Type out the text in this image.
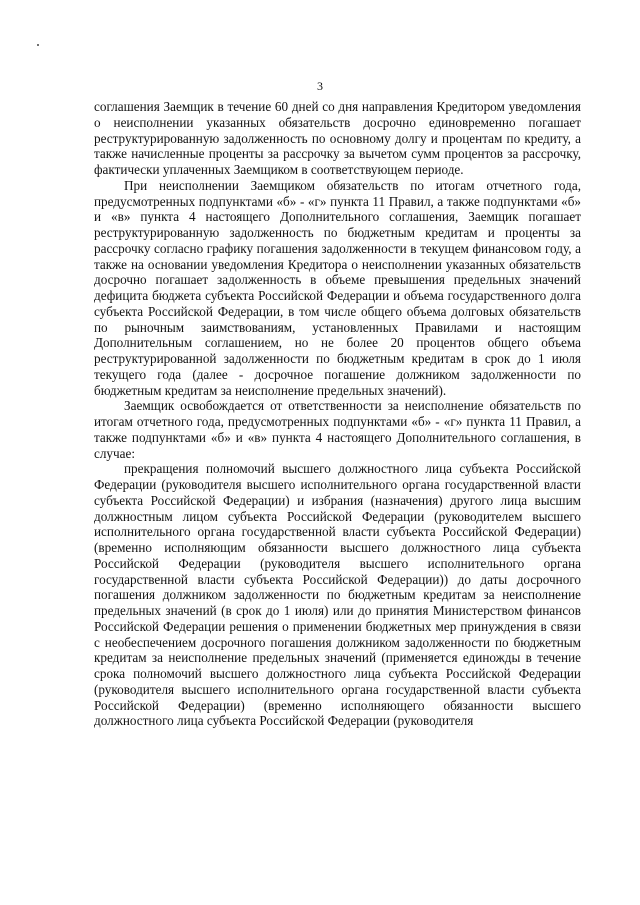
3

соглашения Заемщик в течение 60 дней со дня направления Кредитором уведомления о неисполнении указанных обязательств досрочно единовременно погашает реструктурированную задолженность по основному долгу и процентам по кредиту, а также начисленные проценты за рассрочку за вычетом сумм процентов за рассрочку, фактически уплаченных Заемщиком в соответствующем периоде.

При неисполнении Заемщиком обязательств по итогам отчетного года, предусмотренных подпунктами «б» - «г» пункта 11 Правил, а также подпунктами «б» и «в» пункта 4 настоящего Дополнительного соглашения, Заемщик погашает реструктурированную задолженность по бюджетным кредитам и проценты за рассрочку согласно графику погашения задолженности в текущем финансовом году, а также на основании уведомления Кредитора о неисполнении указанных обязательств досрочно погашает задолженность в объеме превышения предельных значений дефицита бюджета субъекта Российской Федерации и объема государственного долга субъекта Российской Федерации, в том числе общего объема долговых обязательств по рыночным заимствованиям, установленных Правилами и настоящим Дополнительным соглашением, но не более 20 процентов общего объема реструктурированной задолженности по бюджетным кредитам в срок до 1 июля текущего года (далее - досрочное погашение должником задолженности по бюджетным кредитам за неисполнение предельных значений).

Заемщик освобождается от ответственности за неисполнение обязательств по итогам отчетного года, предусмотренных подпунктами «б» - «г» пункта 11 Правил, а также подпунктами «б» и «в» пункта 4 настоящего Дополнительного соглашения, в случае:

прекращения полномочий высшего должностного лица субъекта Российской Федерации (руководителя высшего исполнительного органа государственной власти субъекта Российской Федерации) и избрания (назначения) другого лица высшим должностным лицом субъекта Российской Федерации (руководителем высшего исполнительного органа государственной власти субъекта Российской Федерации) (временно исполняющим обязанности высшего должностного лица субъекта Российской Федерации (руководителя высшего исполнительного органа государственной власти субъекта Российской Федерации)) до даты досрочного погашения должником задолженности по бюджетным кредитам за неисполнение предельных значений (в срок до 1 июля) или до принятия Министерством финансов Российской Федерации решения о применении бюджетных мер принуждения в связи с необеспечением досрочного погашения должником задолженности по бюджетным кредитам за неисполнение предельных значений (применяется единожды в течение срока полномочий высшего должностного лица субъекта Российской Федерации (руководителя высшего исполнительного органа государственной власти субъекта Российской Федерации) (временно исполняющего обязанности высшего должностного лица субъекта Российской Федерации (руководителя
